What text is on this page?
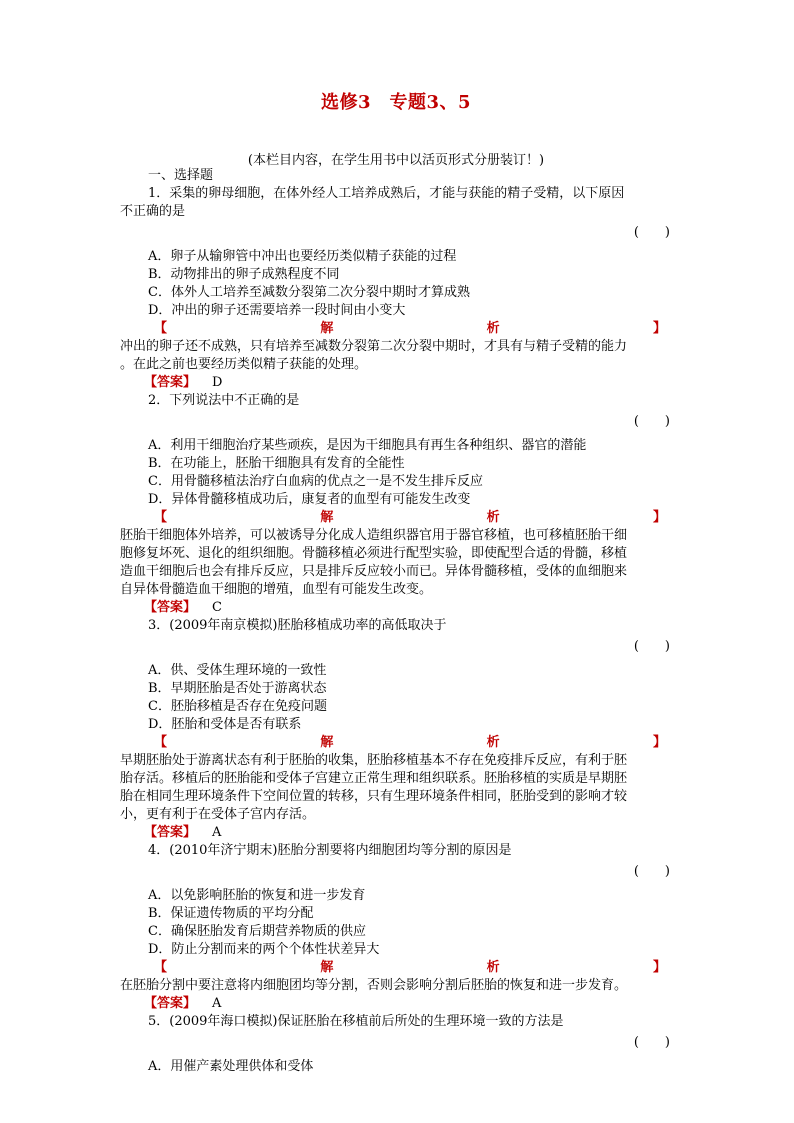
选修3　专题3、5
(本栏目内容，在学生用书中以活页形式分册装订！)

一、选择题

1．采集的卵母细胞，在体外经人工培养成熟后，才能与获能的精子受精，以下原因

不正确的是

(　　)

A．卵子从输卵管中冲出也要经历类似精子获能的过程

B．动物排出的卵子成熟程度不同

C．体外人工培养至减数分裂第二次分裂中期时才算成熟

D．冲出的卵子还需要培养一段时间由小变大

【	解	析	】

冲出的卵子还不成熟，只有培养至减数分裂第二次分裂中期时，才具有与精子受精的能力

。在此之前也要经历类似精子获能的处理。

【答案】 D

2．下列说法中不正确的是

(　　)

A．利用干细胞治疗某些顽疾，是因为干细胞具有再生各种组织、器官的潜能

B．在功能上，胚胎干细胞具有发育的全能性

C．用骨髓移植法治疗白血病的优点之一是不发生排斥反应

D．异体骨髓移植成功后，康复者的血型有可能发生改变

【	解	析	】

胚胎干细胞体外培养，可以被诱导分化成人造组织器官用于器官移植，也可移植胚胎干细

胞修复坏死、退化的组织细胞。骨髓移植必须进行配型实验，即使配型合适的骨髓，移植

造血干细胞后也会有排斥反应，只是排斥反应较小而已。异体骨髓移植，受体的血细胞来

自异体骨髓造血干细胞的增殖，血型有可能发生改变。

【答案】 C

3．(2009年南京模拟)胚胎移植成功率的高低取决于

(　　)

A．供、受体生理环境的一致性

B．早期胚胎是否处于游离状态

C．胚胎移植是否存在免疫问题

D．胚胎和受体是否有联系

【	解	析	】

早期胚胎处于游离状态有利于胚胎的收集，胚胎移植基本不存在免疫排斥反应，有利于胚

胎存活。移植后的胚胎能和受体子宫建立正常生理和组织联系。胚胎移植的实质是早期胚

胎在相同生理环境条件下空间位置的转移，只有生理环境条件相同，胚胎受到的影响才较

小，更有利于在受体子宫内存活。

【答案】 A

4．(2010年济宁期末)胚胎分割要将内细胞团均等分割的原因是

(　　)

A．以免影响胚胎的恢复和进一步发育

B．保证遗传物质的平均分配

C．确保胚胎发育后期营养物质的供应

D．防止分割而来的两个个体性状差异大

【	解	析	】

在胚胎分割中要注意将内细胞团均等分割，否则会影响分割后胚胎的恢复和进一步发育。

【答案】 A

5．(2009年海口模拟)保证胚胎在移植前后所处的生理环境一致的方法是

(　　)

A．用催产素处理供体和受体
